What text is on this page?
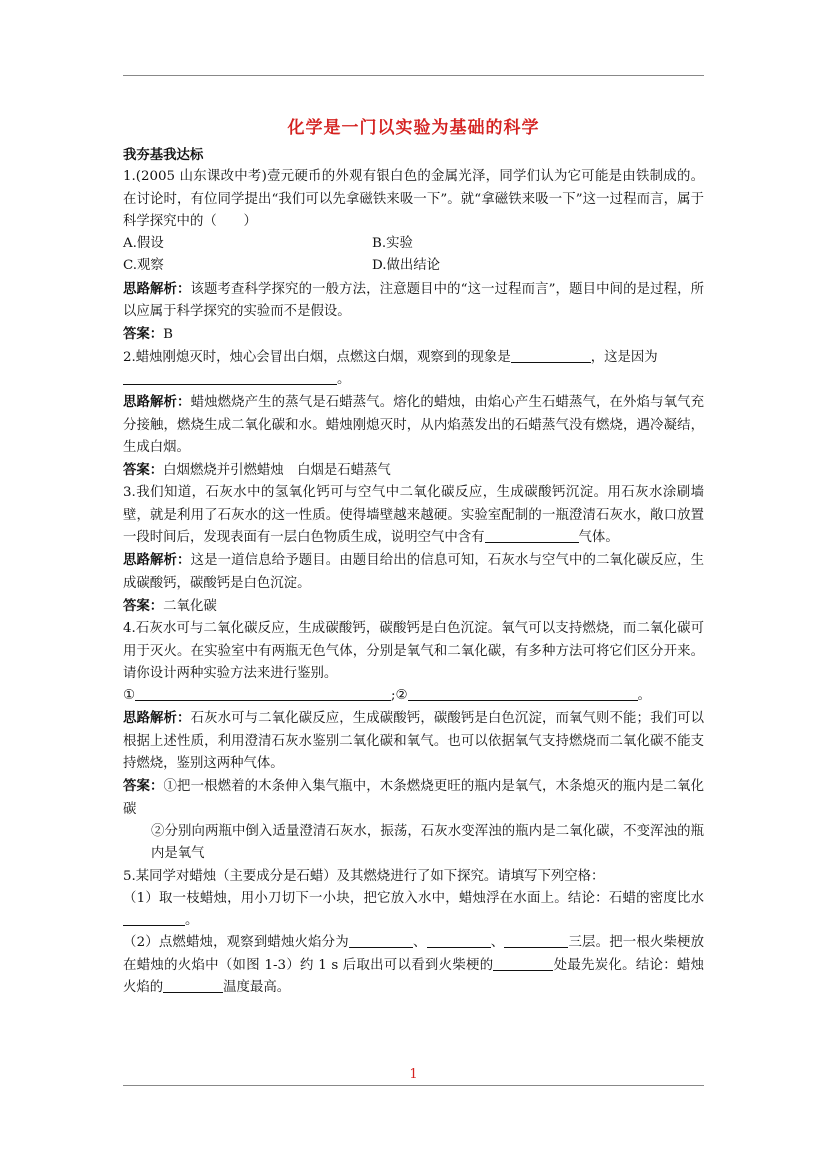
化学是一门以实验为基础的科学

我夯基我达标

1.(2005 山东课改中考)壹元硬币的外观有银白色的金属光泽，同学们认为它可能是由铁制成的。在讨论时，有位同学提出“我们可以先拿磁铁来吸一下”。就“拿磁铁来吸一下”这一过程而言，属于科学探究中的（　　）

A.假设	B.实验
C.观察	D.做出结论

思路解析：该题考查科学探究的一般方法，注意题目中的“这一过程而言”，题目中间的是过程，所以应属于科学探究的实验而不是假设。

答案：B

2.蜡烛刚熄灭时，烛心会冒出白烟，点燃这白烟，观察到的现象是	，这是因为
。

思路解析：蜡烛燃烧产生的蒸气是石蜡蒸气。熔化的蜡烛，由焰心产生石蜡蒸气，在外焰与氧气充分接触，燃烧生成二氧化碳和水。蜡烛刚熄灭时，从内焰蒸发出的石蜡蒸气没有燃烧，遇冷凝结，生成白烟。

答案：白烟燃烧并引燃蜡烛　白烟是石蜡蒸气

3.我们知道，石灰水中的氢氧化钙可与空气中二氧化碳反应，生成碳酸钙沉淀。用石灰水涂刷墙壁，就是利用了石灰水的这一性质。使得墙壁越来越硬。实验室配制的一瓶澄清石灰水，敞口放置一段时间后，发现表面有一层白色物质生成，说明空气中含有	气体。

思路解析：这是一道信息给予题目。由题目给出的信息可知，石灰水与空气中的二氧化碳反应，生成碳酸钙，碳酸钙是白色沉淀。

答案：二氧化碳

4.石灰水可与二氧化碳反应，生成碳酸钙，碳酸钙是白色沉淀。氧气可以支持燃烧，而二氧化碳可用于灭火。在实验室中有两瓶无色气体，分别是氧气和二氧化碳，有多种方法可将它们区分开来。请你设计两种实验方法来进行鉴别。

①	;②	。

思路解析：石灰水可与二氧化碳反应，生成碳酸钙，碳酸钙是白色沉淀，而氧气则不能；我们可以根据上述性质，利用澄清石灰水鉴别二氧化碳和氧气。也可以依据氧气支持燃烧而二氧化碳不能支持燃烧，鉴别这两种气体。

答案：①把一根燃着的木条伸入集气瓶中，木条燃烧更旺的瓶内是氧气，木条熄灭的瓶内是二氧化碳

②分别向两瓶中倒入适量澄清石灰水，振荡，石灰水变浑浊的瓶内是二氧化碳，不变浑浊的瓶内是氧气

5.某同学对蜡烛（主要成分是石蜡）及其燃烧进行了如下探究。请填写下列空格：

（1）取一枝蜡烛，用小刀切下一小块，把它放入水中，蜡烛浮在水面上。结论：石蜡的密度比水。

（2）点燃蜡烛，观察到蜡烛火焰分为	、	、	三层。把一根火柴梗放在蜡烛的火焰中（如图 1-3）约 1 s 后取出可以看到火柴梗的	处最先炭化。结论：蜡烛火焰的	温度最高。

1
